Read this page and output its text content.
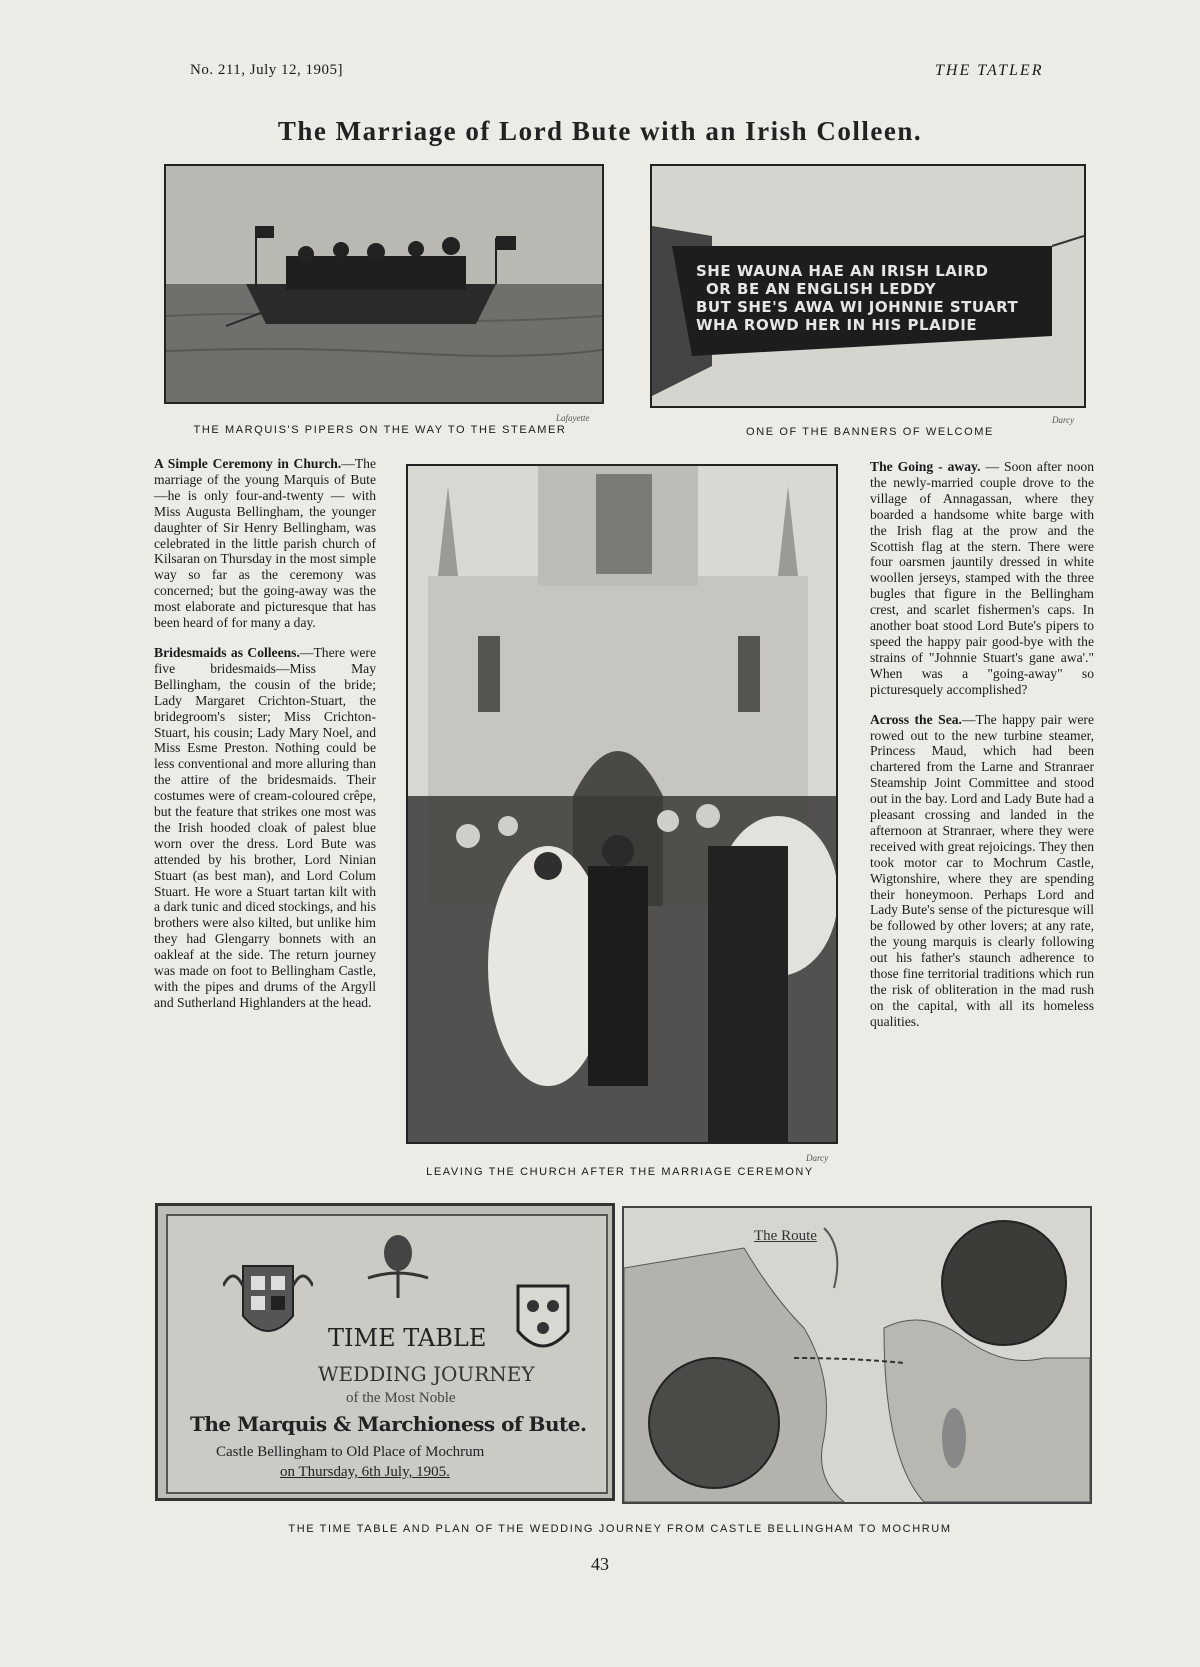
No. 211, July 12, 1905]	THE TATLER
The Marriage of Lord Bute with an Irish Colleen.
Lafayette
THE MARQUIS'S PIPERS ON THE WAY TO THE STEAMER
SHE WAUNA HAE AN IRISH LAIRD
OR BE AN ENGLISH LEDDY
BUT SHE'S AWA WI JOHNNIE STUART
WHA ROWD HER IN HIS PLAIDIE
Darcy
ONE OF THE BANNERS OF WELCOME

A Simple Ceremony in Church.—The marriage of the young Marquis of Bute—he is only four-and-twenty — with Miss Augusta Bellingham, the younger daughter of Sir Henry Bellingham, was celebrated in the little parish church of Kilsaran on Thursday in the most simple way so far as the ceremony was concerned; but the going-away was the most elaborate and picturesque that has been heard of for many a day.

Bridesmaids as Colleens.—There were five bridesmaids—Miss May Bellingham, the cousin of the bride; Lady Margaret Crichton-Stuart, the bridegroom's sister; Miss Crichton-Stuart, his cousin; Lady Mary Noel, and Miss Esme Preston. Nothing could be less conventional and more alluring than the attire of the bridesmaids. Their costumes were of cream-coloured crêpe, but the feature that strikes one most was the Irish hooded cloak of palest blue worn over the dress. Lord Bute was attended by his brother, Lord Ninian Stuart (as best man), and Lord Colum Stuart. He wore a Stuart tartan kilt with a dark tunic and diced stockings, and his brothers were also kilted, but unlike him they had Glengarry bonnets with an oakleaf at the side. The return journey was made on foot to Bellingham Castle, with the pipes and drums of the Argyll and Sutherland Highlanders at the head.

Darcy
LEAVING THE CHURCH AFTER THE MARRIAGE CEREMONY

The Going - away. — Soon after noon the newly-married couple drove to the village of Annagassan, where they boarded a handsome white barge with the Irish flag at the prow and the Scottish flag at the stern. There were four oarsmen jauntily dressed in white woollen jerseys, stamped with the three bugles that figure in the Bellingham crest, and scarlet fishermen's caps. In another boat stood Lord Bute's pipers to speed the happy pair good-bye with the strains of "Johnnie Stuart's gane awa'." When was a "going-away" so picturesquely accomplished?

Across the Sea.—The happy pair were rowed out to the new turbine steamer, Princess Maud, which had been chartered from the Larne and Stranraer Steamship Joint Committee and stood out in the bay. Lord and Lady Bute had a pleasant crossing and landed in the afternoon at Stranraer, where they were received with great rejoicings. They then took motor car to Mochrum Castle, Wigtonshire, where they are spending their honeymoon. Perhaps Lord and Lady Bute's sense of the picturesque will be followed by other lovers; at any rate, the young marquis is clearly following out his father's staunch adherence to those fine territorial traditions which run the risk of obliteration in the mad rush on the capital, with all its homeless qualities.

TIME TABLE
WEDDING JOURNEY
of the Most Noble
The Marquis & Marchioness of Bute.
Castle Bellingham to Old Place of Mochrum
on Thursday, 6th July, 1905.
The Route
THE TIME TABLE AND PLAN OF THE WEDDING JOURNEY FROM CASTLE BELLINGHAM TO MOCHRUM
43
